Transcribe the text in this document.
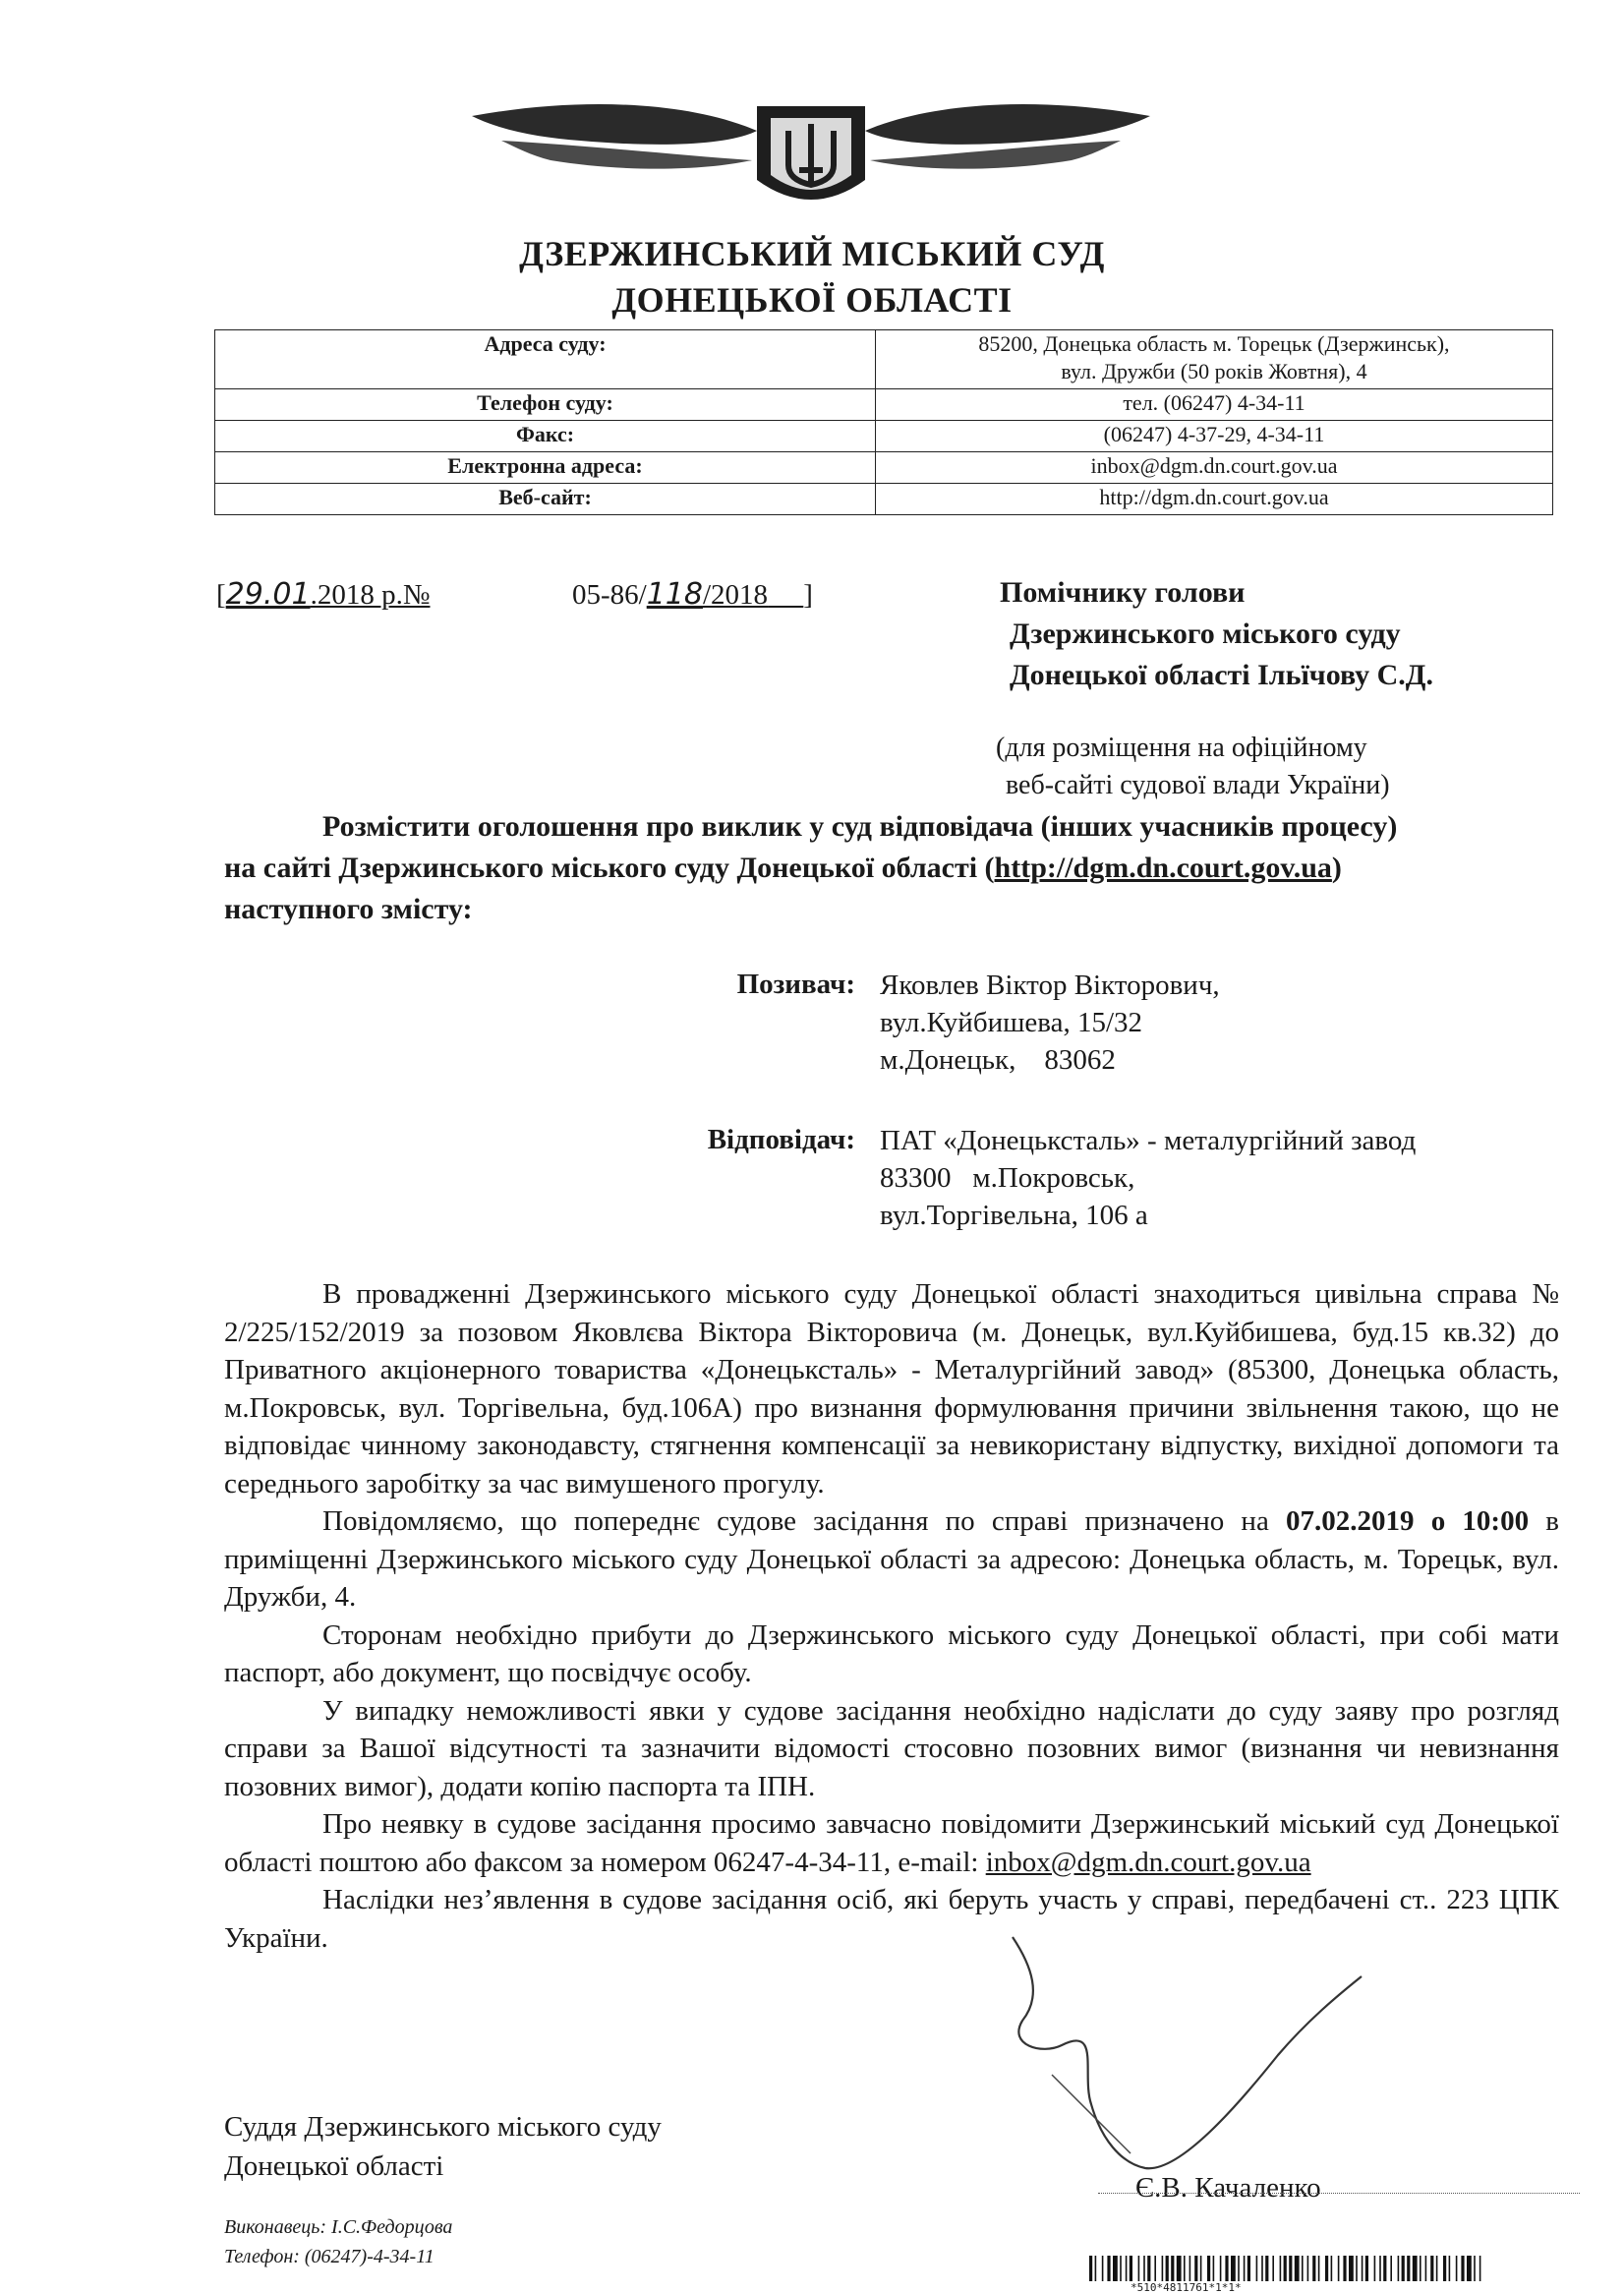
ДЗЕРЖИНСЬКИЙ МІСЬКИЙ СУД
ДОНЕЦЬКОЇ ОБЛАСТІ
Адреса суду:	85200, Донецька область м. Торецьк (Дзержинськ),
вул. Дружби (50 років Жовтня), 4

Телефон суду:	тел. (06247) 4-34-11
Факс:	(06247) 4-37-29, 4-34-11
Електронна адреса:	inbox@dgm.dn.court.gov.ua
Веб-сайт:	http://dgm.dn.court.gov.ua
[29.01.2018 р.№	05-86/118/2018 ]	Помічнику голови
Дзержинського міського суду
Донецької області Ільїчову С.Д.
(для розміщення на офіційному
веб-сайті судової влади України)
Розмістити оголошення про виклик у суд відповідача (інших учасників процесу)
на сайті Дзержинського міського суду Донецької області (http://dgm.dn.court.gov.ua)
наступного змісту:
Позивач: Яковлев Віктор Вікторович,
вул.Куйбишева, 15/32
м.Донецьк,    83062
Відповідач: ПАТ «Донецьксталь» - металургійний завод
83300   м.Покровськ,
вул.Торгівельна, 106 а

В провадженні Дзержинського міського суду Донецької області знаходиться цивільна справа № 2/225/152/2019 за позовом Яковлєва Віктора Вікторовича (м. Донецьк, вул.Куйбишева, буд.15 кв.32) до Приватного акціонерного товариства «Донецьксталь» - Металургійний завод» (85300, Донецька область, м.Покровськ, вул. Торгівельна, буд.106А) про визнання формулювання причини звільнення такою, що не відповідає чинному законодавсту, стягнення компенсації за невикористану відпустку, вихідної допомоги та середнього заробітку за час вимушеного прогулу.

Повідомляємо, що попереднє судове засідання по справі призначено на 07.02.2019 о 10:00 в приміщенні Дзержинського міського суду Донецької області за адресою: Донецька область, м. Торецьк, вул. Дружби, 4.

Сторонам необхідно прибути до Дзержинського міського суду Донецької області, при собі мати паспорт, або документ, що посвідчує особу.

У випадку неможливості явки у судове засідання необхідно надіслати до суду заяву про розгляд справи за Вашої відсутності та зазначити відомості стосовно позовних вимог (визнання чи невизнання позовних вимог), додати копію паспорта та ІПН.

Про неявку в судове засідання просимо завчасно повідомити Дзержинський міський суд Донецької області поштою або факсом за номером 06247-4-34-11, e-mail: inbox@dgm.dn.court.gov.ua

Наслідки нез’явлення в судове засідання осіб, які беруть участь у справі, передбачені ст.. 223 ЦПК України.

Суддя Дзержинського міського суду
Донецької області
Є.В. Качаленко
Виконавець: І.С.Федорцова
Телефон: (06247)-4-34-11
*510*4811761*1*1*
